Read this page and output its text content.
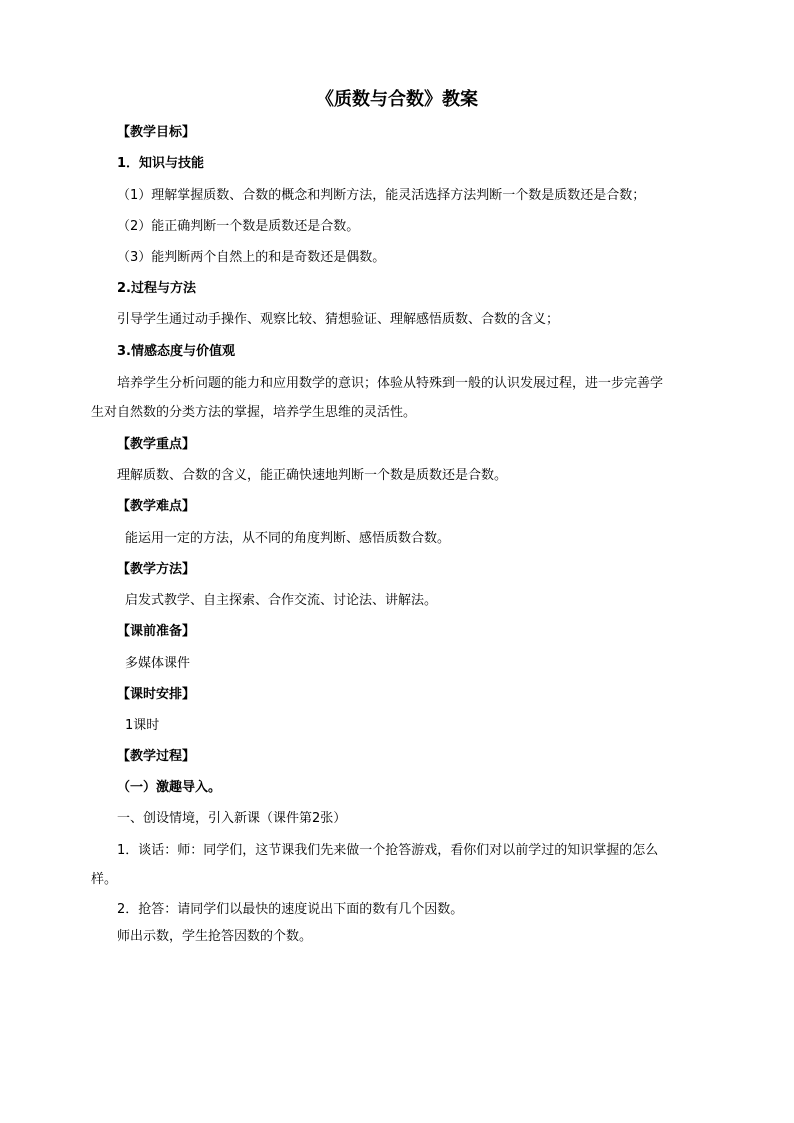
《质数与合数》教案

【教学目标】

1．知识与技能

（1）理解掌握质数、合数的概念和判断方法，能灵活选择方法判断一个数是质数还是合数；

（2）能正确判断一个数是质数还是合数。

（3）能判断两个自然上的和是奇数还是偶数。

2.过程与方法

引导学生通过动手操作、观察比较、猜想验证、理解感悟质数、合数的含义；

3.情感态度与价值观

培养学生分析问题的能力和应用数学的意识；体验从特殊到一般的认识发展过程，进一步完善学

生对自然数的分类方法的掌握，培养学生思维的灵活性。

【教学重点】

理解质数、合数的含义，能正确快速地判断一个数是质数还是合数。

【教学难点】

能运用一定的方法，从不同的角度判断、感悟质数合数。

【教学方法】

启发式教学、自主探索、合作交流、讨论法、讲解法。

【课前准备】

多媒体课件

【课时安排】

1课时

【教学过程】

（一）激趣导入。

一、创设情境，引入新课（课件第2张）

1．谈话：师：同学们，这节课我们先来做一个抢答游戏，看你们对以前学过的知识掌握的怎么

样。

2．抢答：请同学们以最快的速度说出下面的数有几个因数。

师出示数，学生抢答因数的个数。
